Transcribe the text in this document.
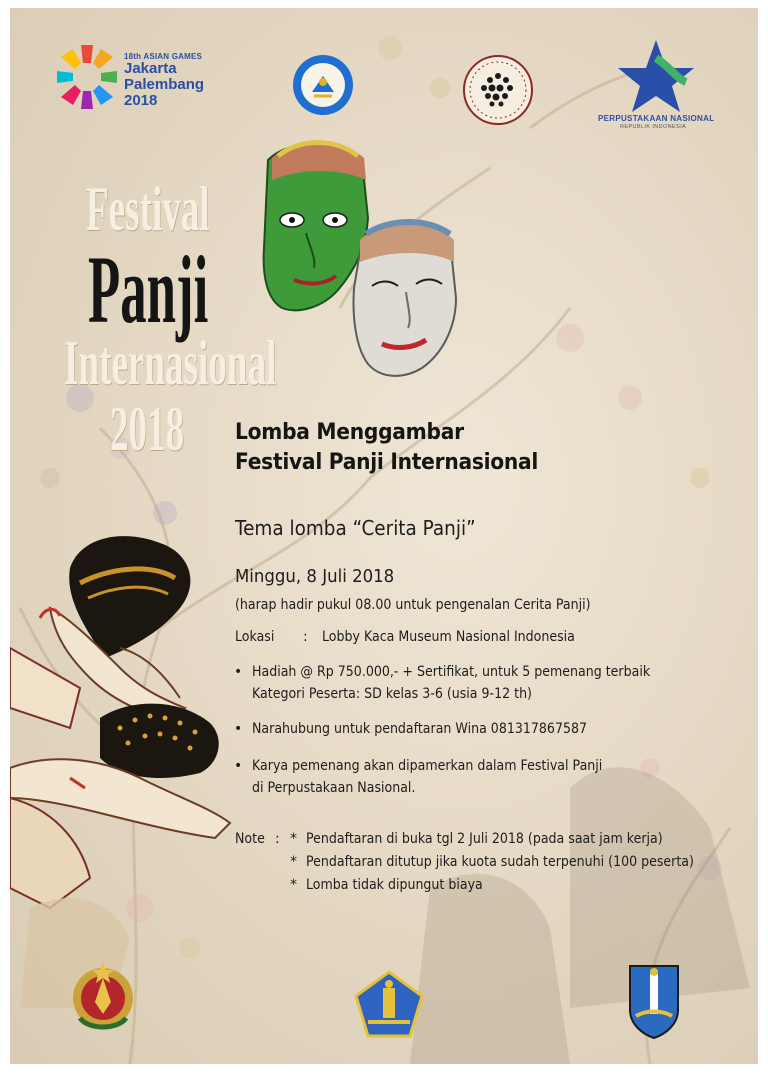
18th ASIAN GAMES
Jakarta
Palembang
2018
PERPUSTAKAAN NASIONAL
REPUBLIK INDONESIA
Festival
Panji
Internasional
2018 Lomba Menggambar
Festival Panji Internasional
Tema lomba “Cerita Panji”
Minggu, 8 Juli 2018
(harap hadir pukul 08.00 untuk pengenalan Cerita Panji)
Lokasi : Lobby Kaca Museum Nasional Indonesia
• Hadiah @ Rp 750.000,- + Sertifikat, untuk 5 pemenang terbaik
Kategori Peserta: SD kelas 3-6 (usia 9-12 th)
• Narahubung untuk pendaftaran Wina 081317867587
• Karya pemenang akan dipamerkan dalam Festival Panji
di Perpustakaan Nasional.
Note : * Pendaftaran di buka tgl 2 Juli 2018 (pada saat jam kerja)
* Pendaftaran ditutup jika kuota sudah terpenuhi (100 peserta)
* Lomba tidak dipungut biaya
